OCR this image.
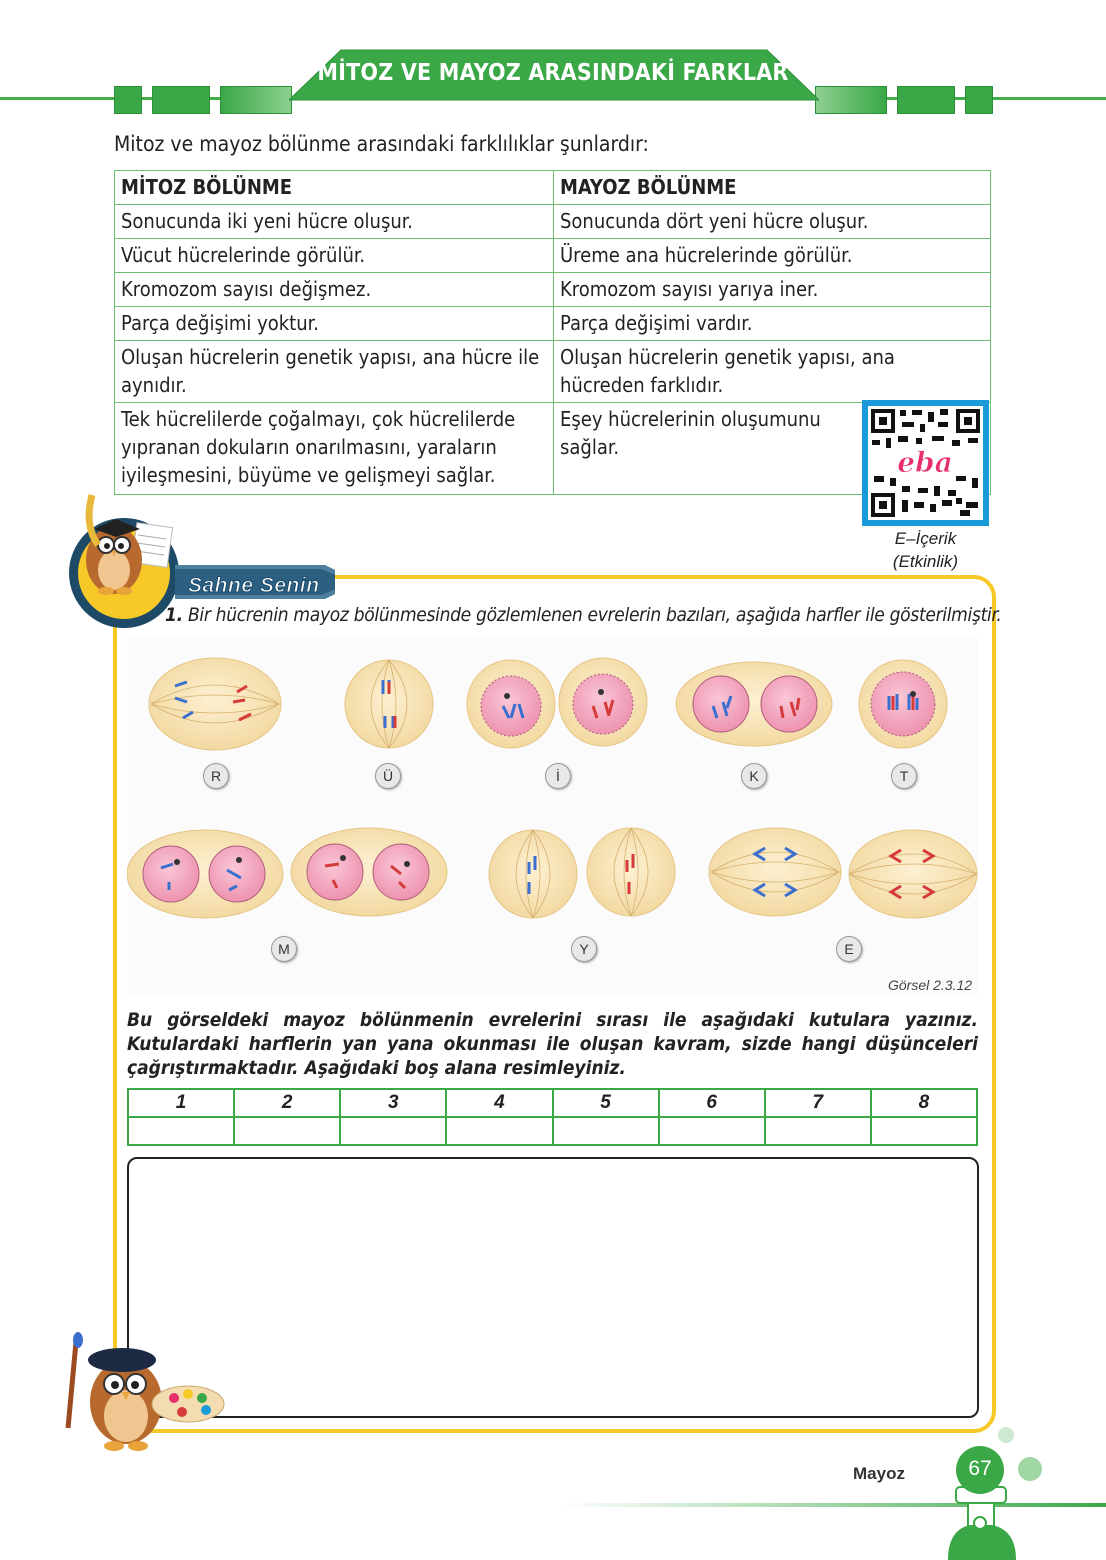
MİTOZ VE MAYOZ ARASINDAKİ FARKLAR
Mitoz ve mayoz bölünme arasındaki farklılıklar şunlardır:
MİTOZ BÖLÜNME	MAYOZ BÖLÜNME
Sonucunda iki yeni hücre oluşur.	Sonucunda dört yeni hücre oluşur.
Vücut hücrelerinde görülür.	Üreme ana hücrelerinde görülür.
Kromozom sayısı değişmez.	Kromozom sayısı yarıya iner.
Parça değişimi yoktur.	Parça değişimi vardır.
Oluşan hücrelerin genetik yapısı, ana hücre ile aynıdır.	Oluşan hücrelerin genetik yapısı, ana hücreden farklıdır.
Tek hücrelilerde çoğalmayı, çok hücrelilerde yıpranan dokuların onarılmasını, yaraların iyileşmesini, büyüme ve gelişmeyi sağlar.	Eşey hücrelerinin oluşumunu sağlar.	eba
E–İçerik
(Etkinlik)
Sahne Senin
1. Bir hücrenin mayoz bölünmesinde gözlemlenen evrelerin bazıları, aşağıda harfler ile gösterilmiştir.
R	Ü	İ	K	T
M	Y	E
Görsel 2.3.12
Bu görseldeki mayoz bölünmenin evrelerini sırası ile aşağıdaki kutulara yazınız. Kutulardaki harflerin yan yana okunması ile oluşan kavram, sizde hangi düşünceleri çağrıştırmaktadır. Aşağıdaki boş alana resimleyiniz.
1	2	3	4	5	6	7	8

Mayoz	67
